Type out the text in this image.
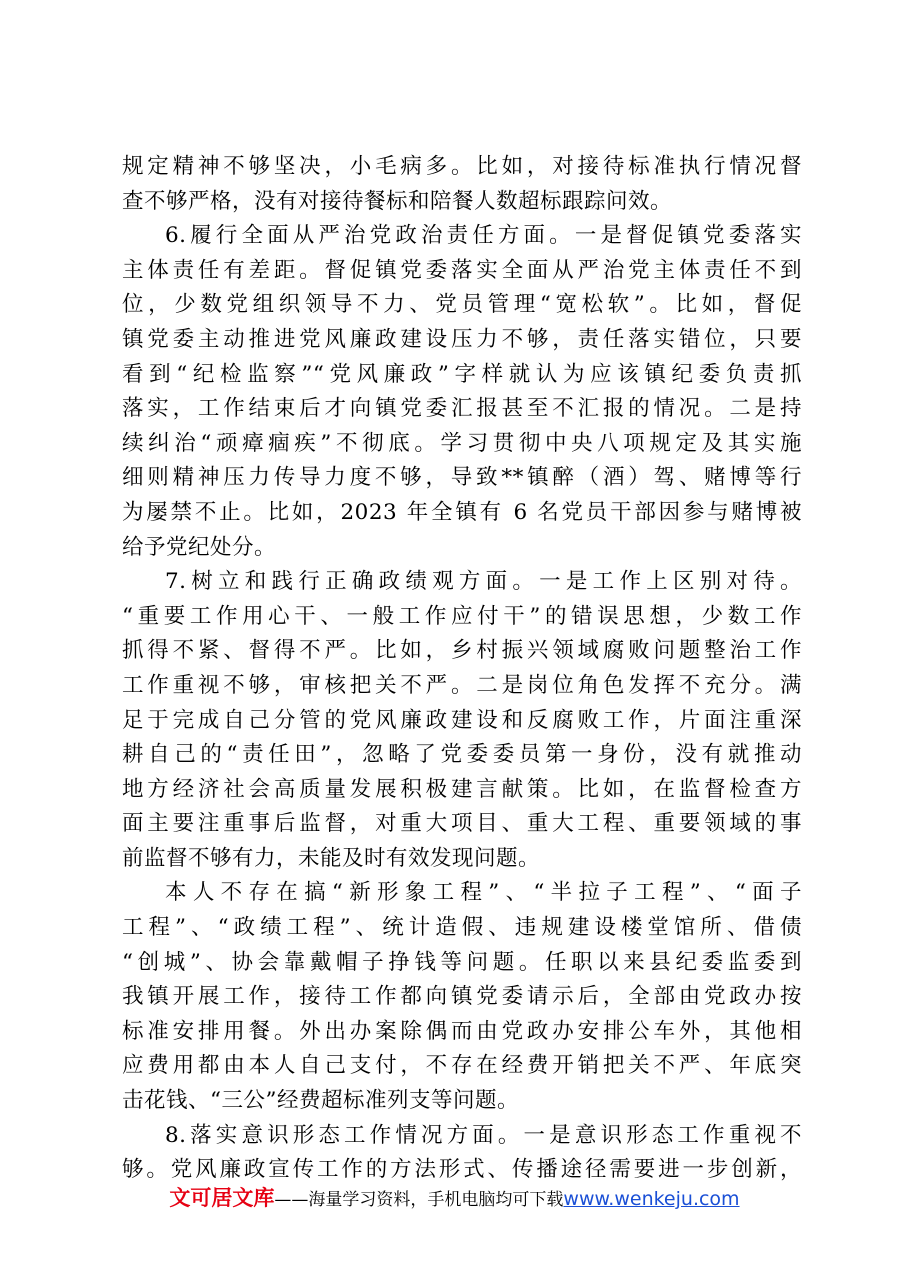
规定精神不够坚决，小毛病多。比如，对接待标准执行情况督
查不够严格，没有对接待餐标和陪餐人数超标跟踪问效。
6.履行全面从严治党政治责任方面。一是督促镇党委落实
主体责任有差距。督促镇党委落实全面从严治党主体责任不到
位，少数党组织领导不力、党员管理“宽松软”。比如，督促
镇党委主动推进党风廉政建设压力不够，责任落实错位，只要
看到“纪检监察”“党风廉政”字样就认为应该镇纪委负责抓
落实，工作结束后才向镇党委汇报甚至不汇报的情况。二是持
续纠治“顽瘴痼疾”不彻底。学习贯彻中央八项规定及其实施
细则精神压力传导力度不够，导致**镇醉（酒）驾、赌博等行
为屡禁不止。比如，2023 年全镇有 6 名党员干部因参与赌博被
给予党纪处分。
7.树立和践行正确政绩观方面。一是工作上区别对待。
“重要工作用心干、一般工作应付干”的错误思想，少数工作
抓得不紧、督得不严。比如，乡村振兴领域腐败问题整治工作
工作重视不够，审核把关不严。二是岗位角色发挥不充分。满
足于完成自己分管的党风廉政建设和反腐败工作，片面注重深
耕自己的“责任田”，忽略了党委委员第一身份，没有就推动
地方经济社会高质量发展积极建言献策。比如，在监督检查方
面主要注重事后监督，对重大项目、重大工程、重要领域的事
前监督不够有力，未能及时有效发现问题。
本人不存在搞“新形象工程”、“半拉子工程”、“面子
工程”、“政绩工程”、统计造假、违规建设楼堂馆所、借债
“创城”、协会靠戴帽子挣钱等问题。任职以来县纪委监委到
我镇开展工作，接待工作都向镇党委请示后，全部由党政办按
标准安排用餐。外出办案除偶而由党政办安排公车外，其他相
应费用都由本人自己支付，不存在经费开销把关不严、年底突
击花钱、“三公”经费超标准列支等问题。
8.落实意识形态工作情况方面。一是意识形态工作重视不
够。党风廉政宣传工作的方法形式、传播途径需要进一步创新，
文可居文库——海量学习资料，手机电脑均可下载www.wenkeju.com
